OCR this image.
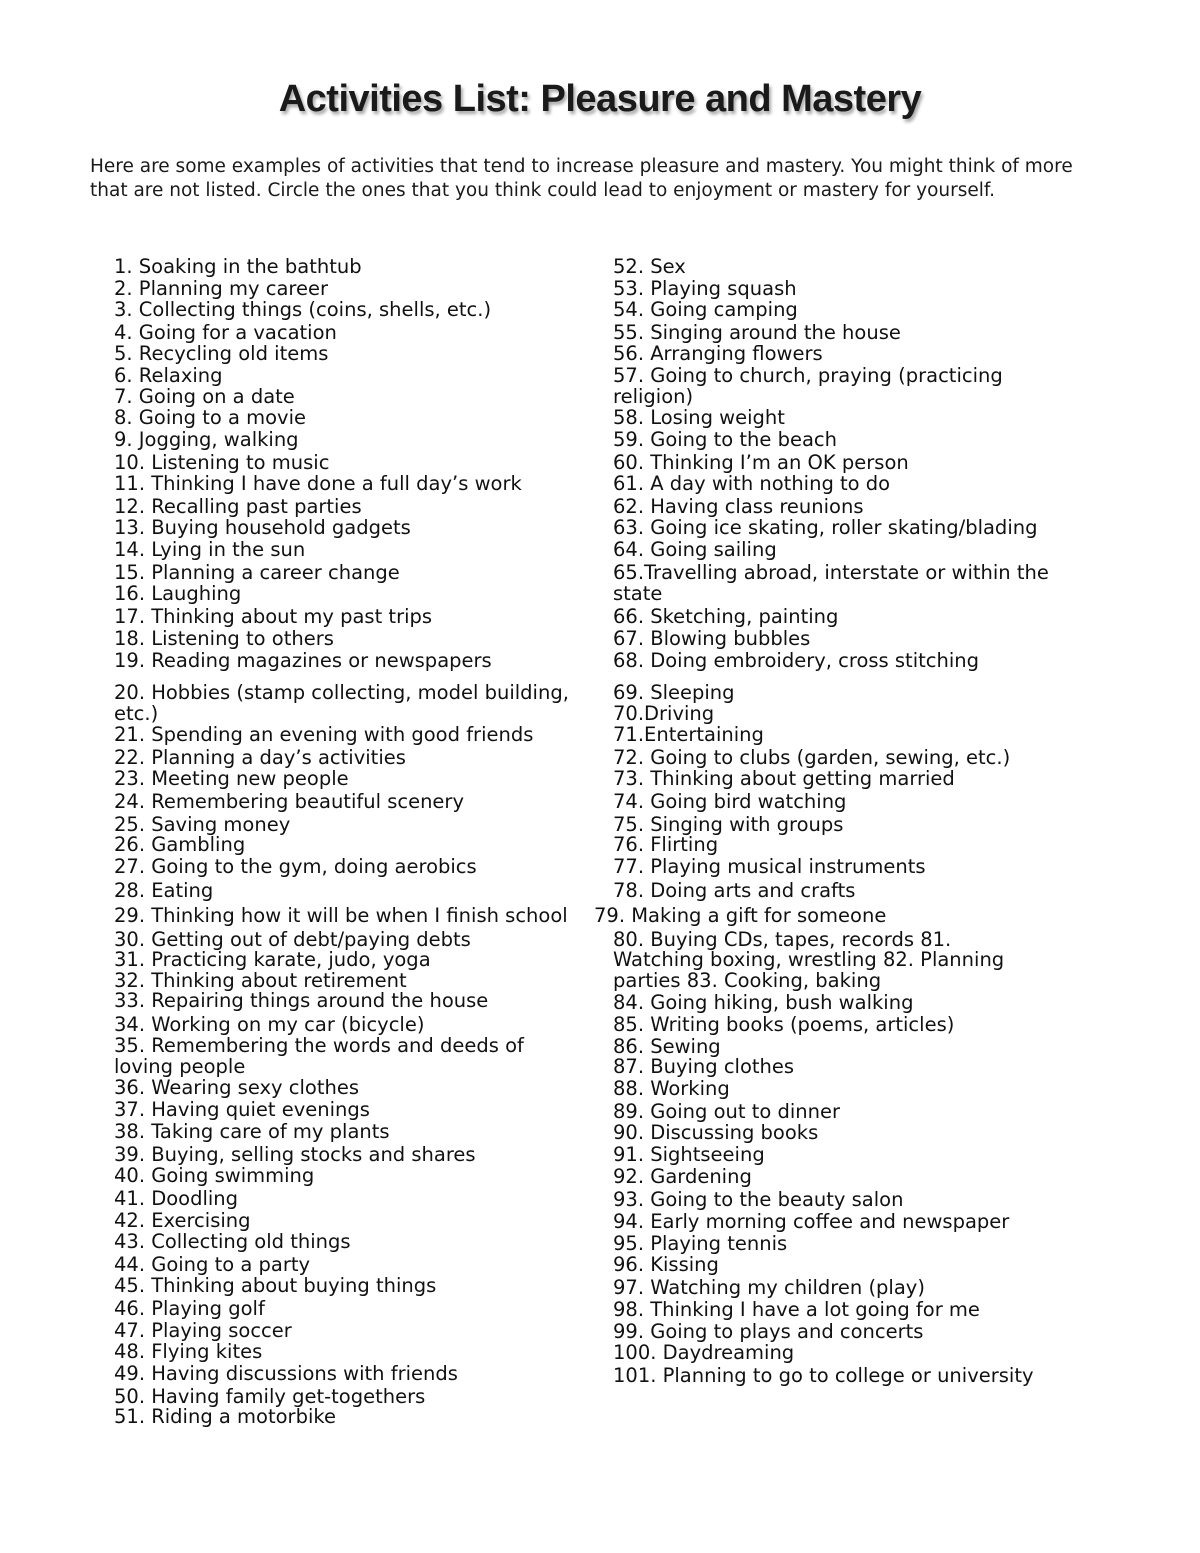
Activities List: Pleasure and Mastery
Here are some examples of activities that tend to increase pleasure and mastery. You might think of more
that are not listed. Circle the ones that you think could lead to enjoyment or mastery for yourself.
1. Soaking in the bathtub
2. Planning my career
3. Collecting things (coins, shells, etc.)
4. Going for a vacation
5. Recycling old items
6. Relaxing
7. Going on a date
8. Going to a movie
9. Jogging, walking
10. Listening to music
11. Thinking I have done a full day’s work
12. Recalling past parties
13. Buying household gadgets
14. Lying in the sun
15. Planning a career change
16. Laughing
17. Thinking about my past trips
18. Listening to others
19. Reading magazines or newspapers
20. Hobbies (stamp collecting, model building,
etc.)
21. Spending an evening with good friends
22. Planning a day’s activities
23. Meeting new people
24. Remembering beautiful scenery
25. Saving money
26. Gambling
27. Going to the gym, doing aerobics
28. Eating
29. Thinking how it will be when I finish school
30. Getting out of debt/paying debts
31. Practicing karate, judo, yoga
32. Thinking about retirement
33. Repairing things around the house
34. Working on my car (bicycle)
35. Remembering the words and deeds of
loving people
36. Wearing sexy clothes
37. Having quiet evenings
38. Taking care of my plants
39. Buying, selling stocks and shares
40. Going swimming
41. Doodling
42. Exercising
43. Collecting old things
44. Going to a party
45. Thinking about buying things
46. Playing golf
47. Playing soccer
48. Flying kites
49. Having discussions with friends
50. Having family get-togethers
51. Riding a motorbike
52. Sex
53. Playing squash
54. Going camping
55. Singing around the house
56. Arranging flowers
57. Going to church, praying (practicing
religion)
58. Losing weight
59. Going to the beach
60. Thinking I’m an OK person
61. A day with nothing to do
62. Having class reunions
63. Going ice skating, roller skating/blading
64. Going sailing
65.Travelling abroad, interstate or within the
state
66. Sketching, painting
67. Blowing bubbles
68. Doing embroidery, cross stitching
69. Sleeping
70.Driving
71.Entertaining
72. Going to clubs (garden, sewing, etc.)
73. Thinking about getting married
74. Going bird watching
75. Singing with groups
76. Flirting
77. Playing musical instruments
78. Doing arts and crafts
79. Making a gift for someone
80. Buying CDs, tapes, records 81.
Watching boxing, wrestling 82. Planning
parties 83. Cooking, baking
84. Going hiking, bush walking
85. Writing books (poems, articles)
86. Sewing
87. Buying clothes
88. Working
89. Going out to dinner
90. Discussing books
91. Sightseeing
92. Gardening
93. Going to the beauty salon
94. Early morning coffee and newspaper
95. Playing tennis
96. Kissing
97. Watching my children (play)
98. Thinking I have a lot going for me
99. Going to plays and concerts
100. Daydreaming
101. Planning to go to college or university
